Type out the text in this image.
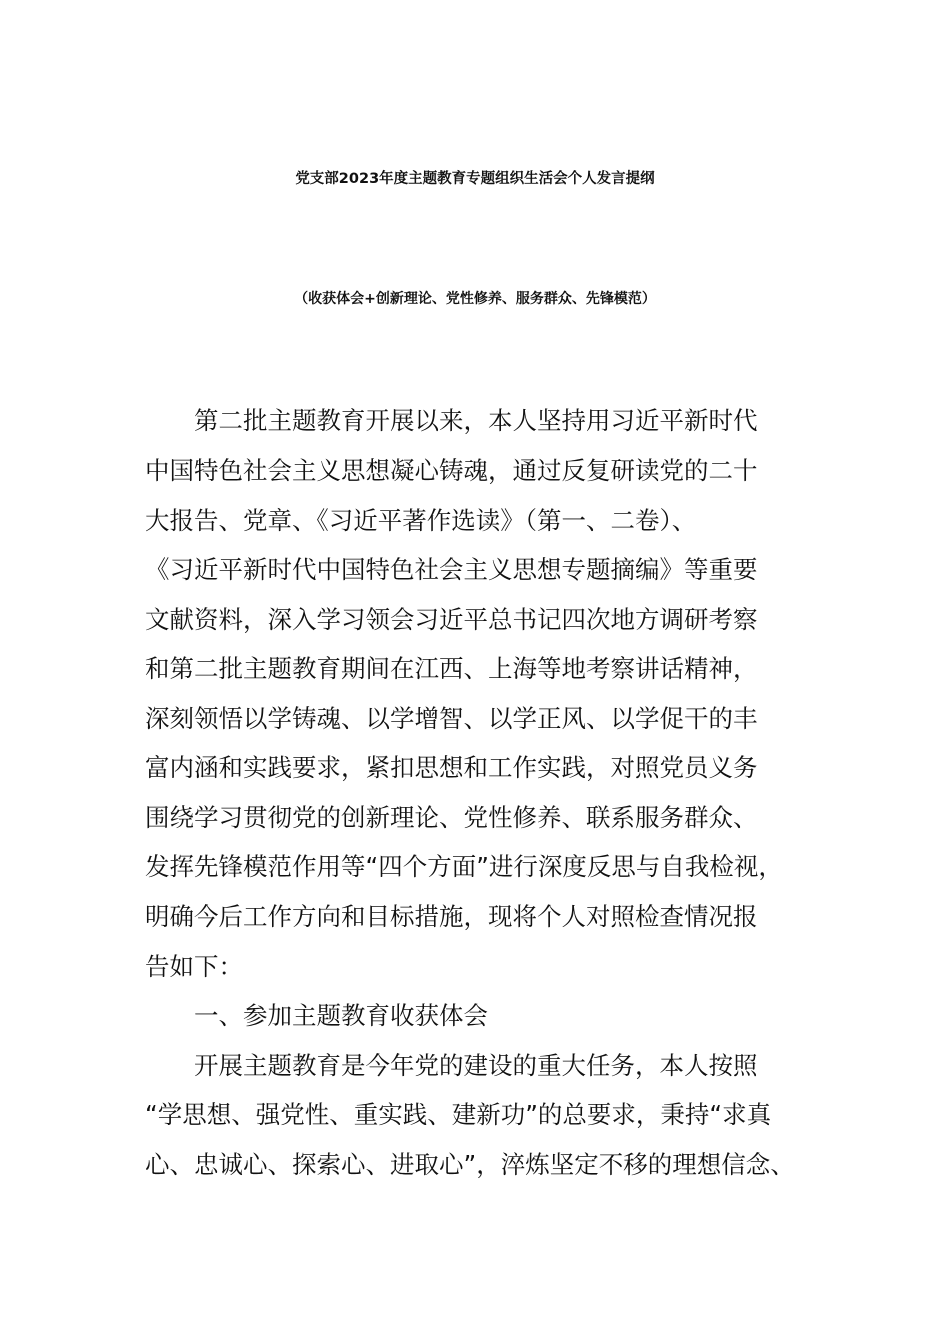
党支部2023年度主题教育专题组织生活会个人发言提纲
（收获体会+创新理论、党性修养、服务群众、先锋模范）
　　第二批主题教育开展以来，本人坚持用习近平新时代
中国特色社会主义思想凝心铸魂，通过反复研读党的二十
大报告、党章、《习近平著作选读》（第一、二卷）、
《习近平新时代中国特色社会主义思想专题摘编》等重要
文献资料，深入学习领会习近平总书记四次地方调研考察
和第二批主题教育期间在江西、上海等地考察讲话精神，
深刻领悟以学铸魂、以学增智、以学正风、以学促干的丰
富内涵和实践要求，紧扣思想和工作实践，对照党员义务
围绕学习贯彻党的创新理论、党性修养、联系服务群众、
发挥先锋模范作用等“四个方面”进行深度反思与自我检视，
明确今后工作方向和目标措施，现将个人对照检查情况报
告如下：
　　一、参加主题教育收获体会
　　开展主题教育是今年党的建设的重大任务，本人按照
“学思想、强党性、重实践、建新功”的总要求，秉持“求真
心、忠诚心、探索心、进取心”，淬炼坚定不移的理想信念、
